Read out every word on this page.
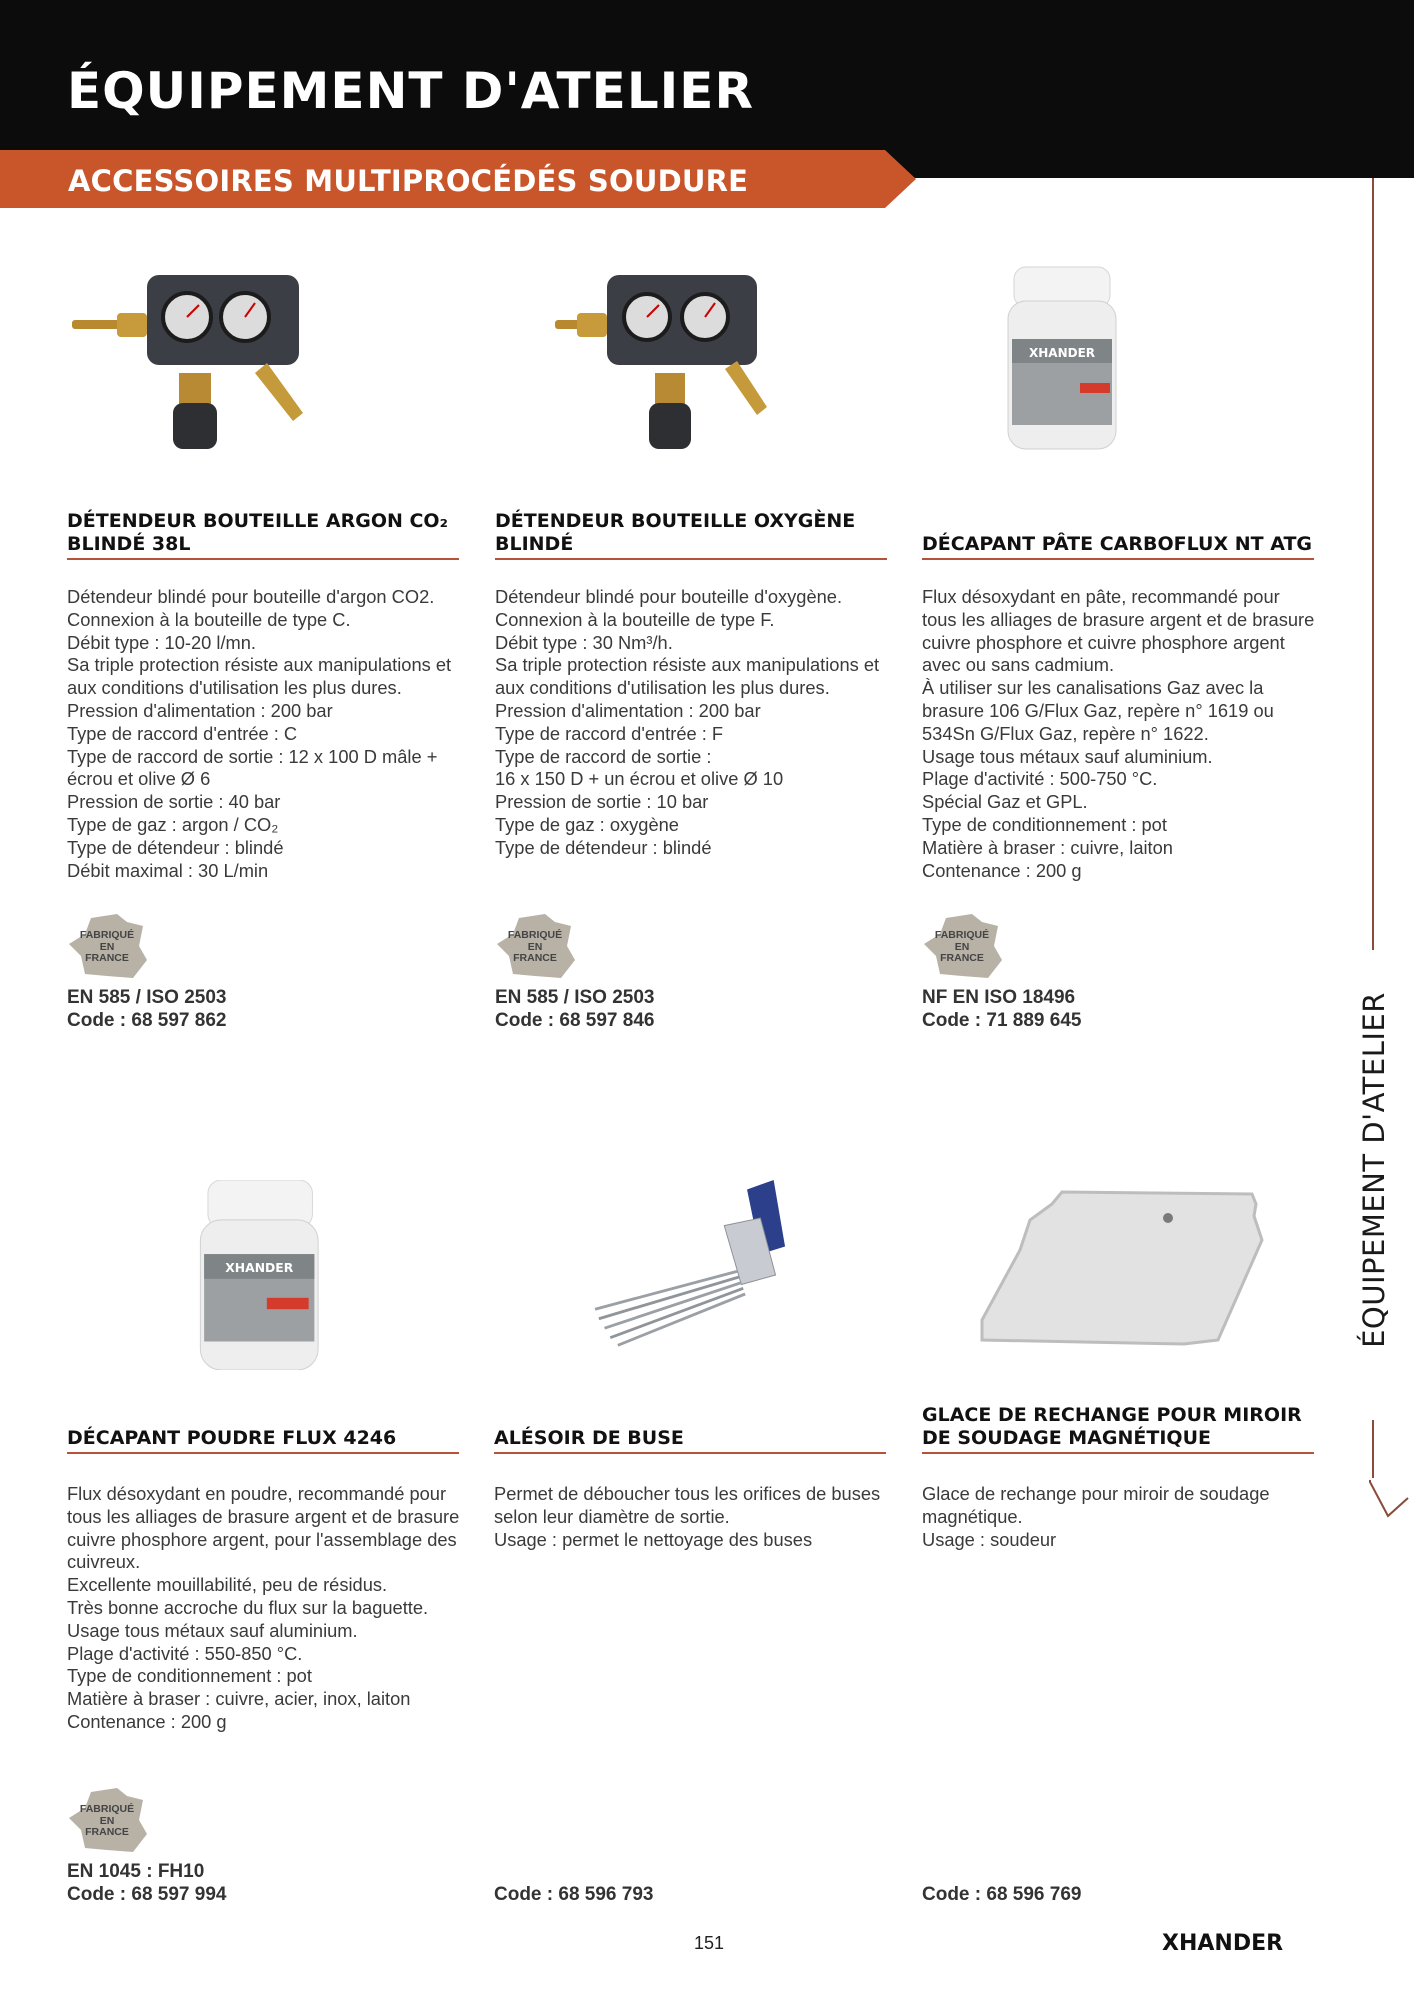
ÉQUIPEMENT D'ATELIER
ACCESSOIRES MULTIPROCÉDÉS SOUDURE
ÉQUIPEMENT D'ATELIER
DÉTENDEUR BOUTEILLE ARGON CO₂ BLINDÉ 38L
Détendeur blindé pour bouteille d'argon CO2.
Connexion à la bouteille de type C.
Débit type : 10-20 l/mn.
Sa triple protection résiste aux manipulations et aux conditions d'utilisation les plus dures.
Pression d'alimentation : 200 bar
Type de raccord d'entrée : C
Type de raccord de sortie : 12 x 100 D mâle + écrou et olive Ø 6
Pression de sortie : 40 bar
Type de gaz : argon / CO₂
Type de détendeur : blindé
Débit maximal : 30 L/min
FABRIQUÉ
EN
FRANCE
EN 585 / ISO 2503
Code : 68 597 862
DÉTENDEUR BOUTEILLE OXYGÈNE BLINDÉ
Détendeur blindé pour bouteille d'oxygène.
Connexion à la bouteille de type F.
Débit type : 30 Nm³/h.
Sa triple protection résiste aux manipulations et aux conditions d'utilisation les plus dures.
Pression d'alimentation : 200 bar
Type de raccord d'entrée : F
Type de raccord de sortie :
16 x 150 D + un écrou et olive Ø 10
Pression de sortie : 10 bar
Type de gaz : oxygène
Type de détendeur : blindé
FABRIQUÉ
EN
FRANCE
EN 585 / ISO 2503
Code : 68 597 846
XHANDER
DÉCAPANT PÂTE CARBOFLUX NT ATG
Flux désoxydant en pâte, recommandé pour tous les alliages de brasure argent et de brasure cuivre phosphore et cuivre phosphore argent avec ou sans cadmium.
À utiliser sur les canalisations Gaz avec la brasure 106 G/Flux Gaz, repère n° 1619 ou 534Sn G/Flux Gaz, repère n° 1622.
Usage tous métaux sauf aluminium.
Plage d'activité : 500-750 °C.
Spécial Gaz et GPL.
Type de conditionnement : pot
Matière à braser : cuivre, laiton
Contenance : 200 g
FABRIQUÉ
EN
FRANCE
NF EN ISO 18496
Code : 71 889 645
XHANDER
DÉCAPANT POUDRE FLUX 4246
Flux désoxydant en poudre, recommandé pour tous les alliages de brasure argent et de brasure cuivre phosphore argent, pour l'assemblage des cuivreux.
Excellente mouillabilité, peu de résidus.
Très bonne accroche du flux sur la baguette.
Usage tous métaux sauf aluminium.
Plage d'activité : 550-850 °C.
Type de conditionnement : pot
Matière à braser : cuivre, acier, inox, laiton
Contenance : 200 g
FABRIQUÉ
EN
FRANCE
EN 1045 : FH10
Code : 68 597 994
ALÉSOIR DE BUSE
Permet de déboucher tous les orifices de buses selon leur diamètre de sortie.
Usage : permet le nettoyage des buses
Code : 68 596 793
GLACE DE RECHANGE POUR MIROIR DE SOUDAGE MAGNÉTIQUE
Glace de rechange pour miroir de soudage magnétique.
Usage : soudeur
Code : 68 596 769
151	XHANDER
